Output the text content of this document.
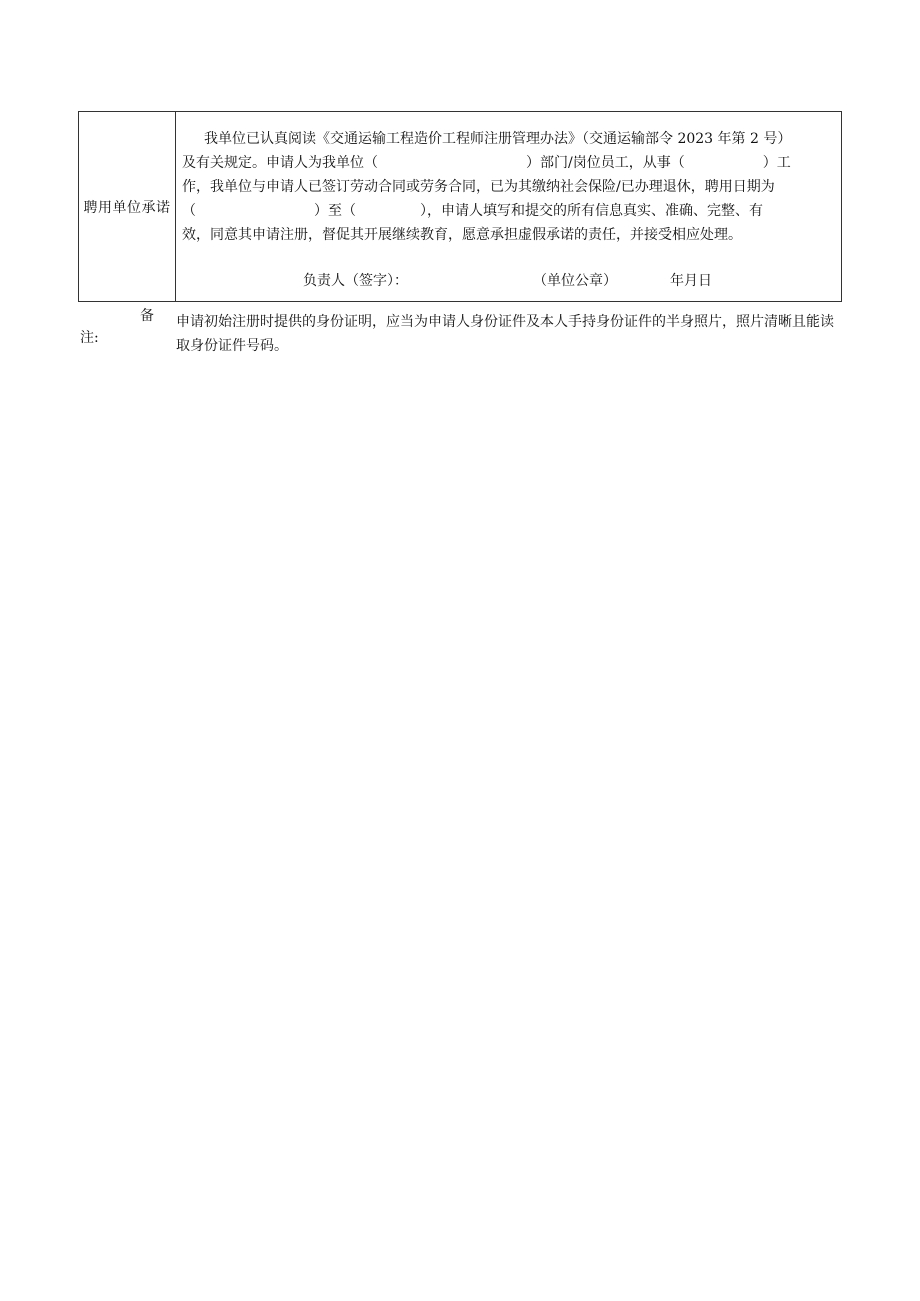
聘用单位承诺
我单位已认真阅读《交通运输工程造价工程师注册管理办法》（交通运输部令 2023 年第 2 号）
及有关规定。申请人为我单位（	）部门/岗位员工，从事（	）工
作，我单位与申请人已签订劳动合同或劳务合同，已为其缴纳社会保险/已办理退休，聘用日期为
（	）至（	），申请人填写和提交的所有信息真实、准确、完整、有
效，同意其申请注册，督促其开展继续教育，愿意承担虚假承诺的责任，并接受相应处理。
负责人（签字）：	（单位公章）	年月日
备
注:
申请初始注册时提供的身份证明，应当为申请人身份证件及本人手持身份证件的半身照片，照片清晰且能读取身份证件号码。
